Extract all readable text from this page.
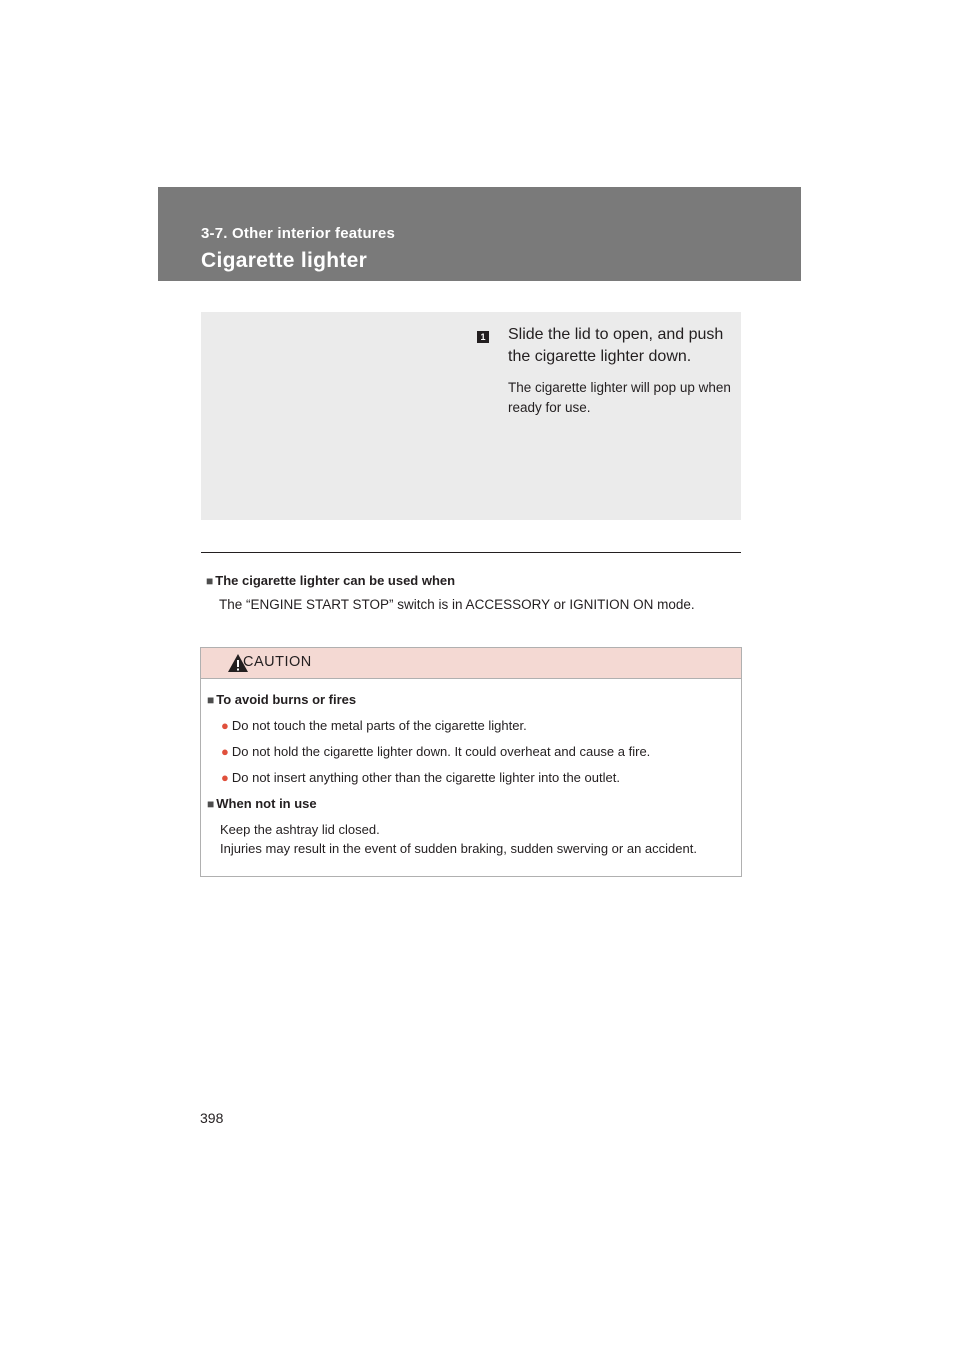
3-7. Other interior features
Cigarette lighter
1 Slide the lid to open, and push the cigarette lighter down.
The cigarette lighter will pop up when ready for use.
■ The cigarette lighter can be used when
The “ENGINE START STOP” switch is in ACCESSORY or IGNITION ON mode.
CAUTION
■ To avoid burns or fires
● Do not touch the metal parts of the cigarette lighter.
● Do not hold the cigarette lighter down. It could overheat and cause a fire.
● Do not insert anything other than the cigarette lighter into the outlet.
■ When not in use
Keep the ashtray lid closed.
Injuries may result in the event of sudden braking, sudden swerving or an accident.
398
